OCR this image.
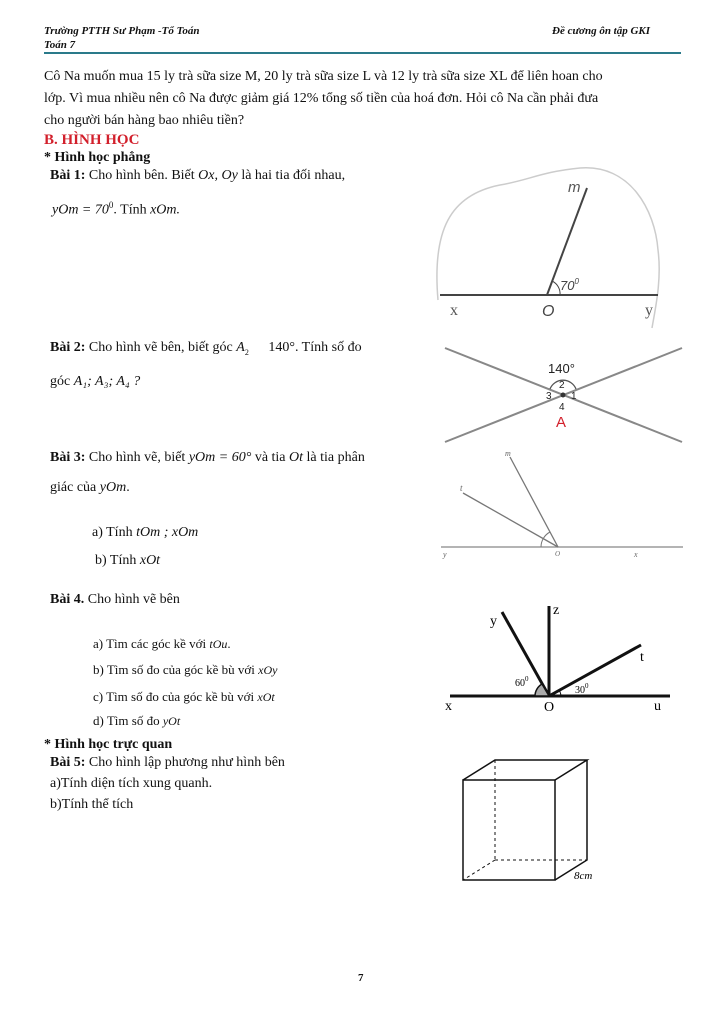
Trường PTTH Sư Phạm -Tổ Toán
Toán 7
Đề cương ôn tập GKI
Cô Na muốn mua 15 ly trà sữa size M, 20 ly trà sữa size L và 12 ly trà sữa size XL để liên hoan cho
lớp. Vì mua nhiều nên cô Na được giảm giá 12% tổng số tiền của hoá đơn. Hỏi cô Na cần phải đưa
cho người bán hàng bao nhiêu tiền?
B. HÌNH HỌC
* Hình học phẳng
Bài 1: Cho hình bên. Biết Ox, Oy là hai tia đối nhau,
yOm = $70^0$. Tính xOm.
m
$70^0$
x	O	y
Bài 2: Cho hình vẽ bên, biết góc $A_2$ 140°. Tính số đo
góc A₁; A₃; A₄ ?
140°
2
3 1
4
A
Bài 3: Cho hình vẽ, biết yOm = 60° và tia Ot là tia phân
giác của yOm.
a) Tính tOm ; xOm
b) Tính xOt
m
t
y	O	x
Bài 4. Cho hình vẽ bên
a) Tìm các góc kề với tOu.
b) Tìm số đo của góc kề bù với xOy
c) Tìm số đo của góc kề bù với xOt
d) Tìm số đo yOt
z
y
t
x	O	u
$60^0$
$30^0$
* Hình học trực quan
Bài 5: Cho hình lập phương như hình bên
a)Tính diện tích xung quanh.
b)Tính thể tích
8cm
7
